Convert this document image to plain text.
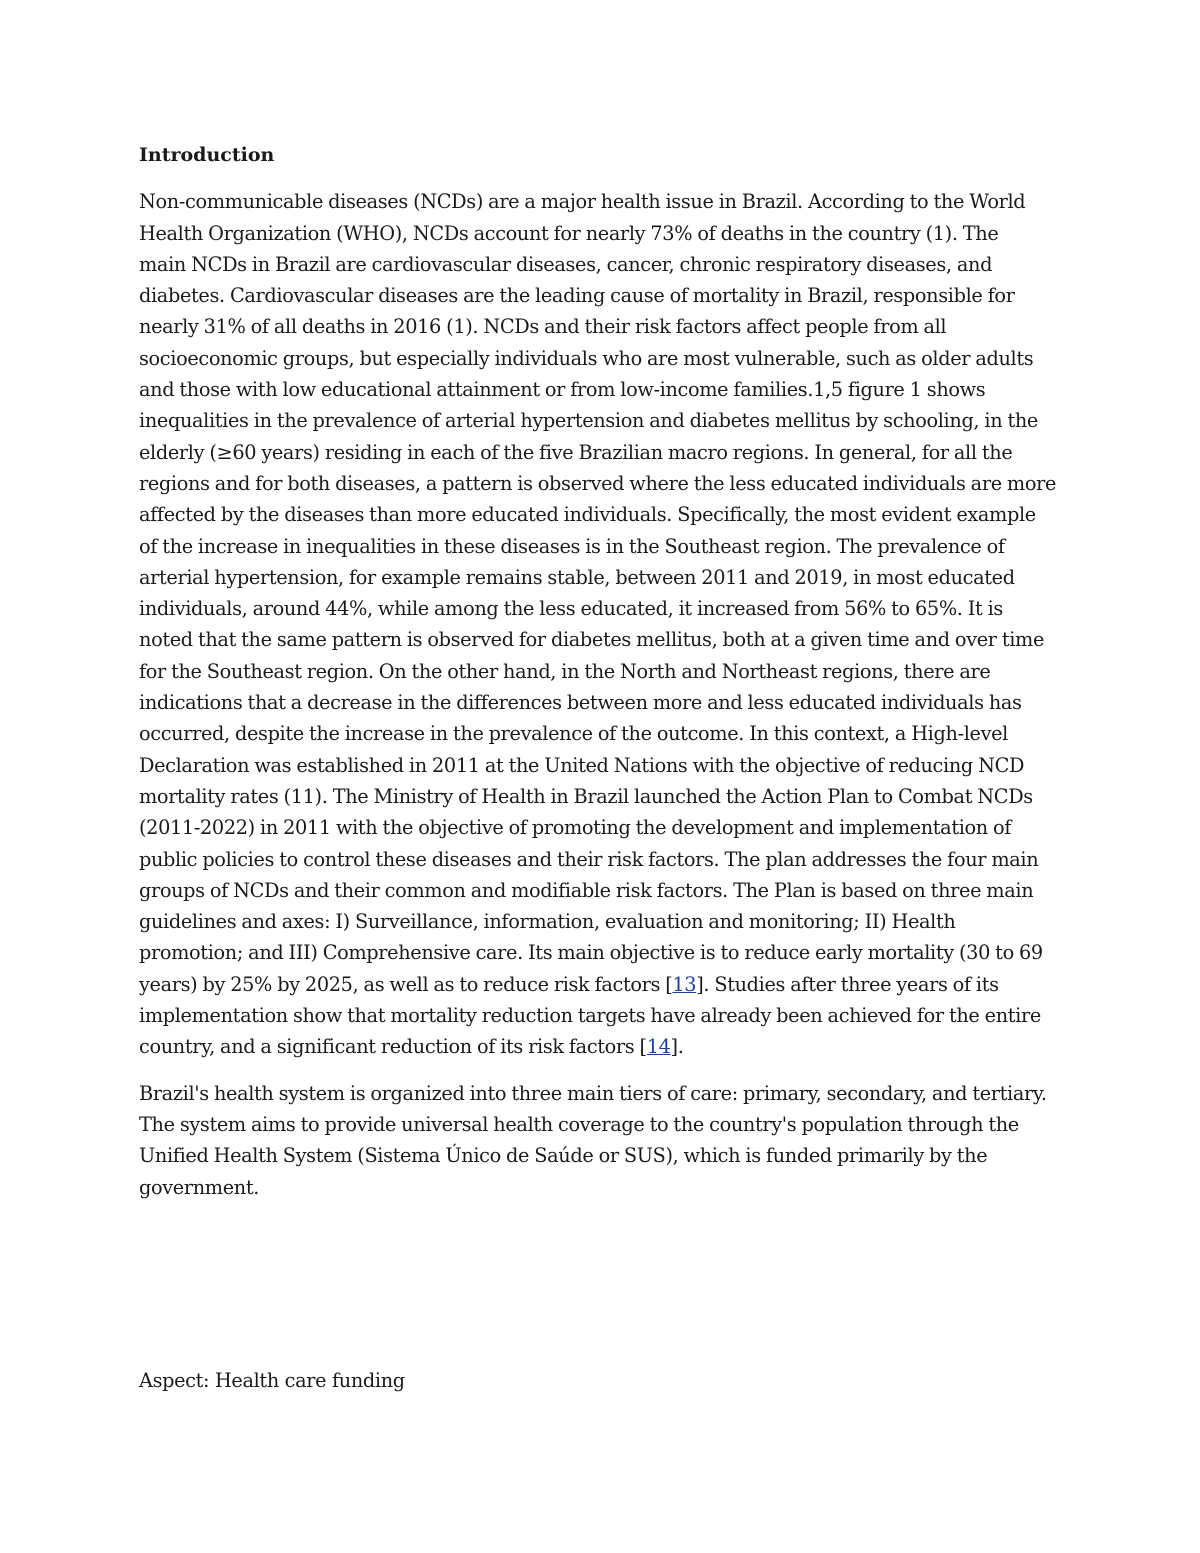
Introduction
Non-communicable diseases (NCDs) are a major health issue in Brazil. According to the World
Health Organization (WHO), NCDs account for nearly 73% of deaths in the country (1). The
main NCDs in Brazil are cardiovascular diseases, cancer, chronic respiratory diseases, and
diabetes. Cardiovascular diseases are the leading cause of mortality in Brazil, responsible for
nearly 31% of all deaths in 2016 (1). NCDs and their risk factors affect people from all
socioeconomic groups, but especially individuals who are most vulnerable, such as older adults
and those with low educational attainment or from low-income families.1,5 figure 1 shows
inequalities in the prevalence of arterial hypertension and diabetes mellitus by schooling, in the
elderly (≥60 years) residing in each of the five Brazilian macro regions. In general, for all the
regions and for both diseases, a pattern is observed where the less educated individuals are more
affected by the diseases than more educated individuals. Specifically, the most evident example
of the increase in inequalities in these diseases is in the Southeast region. The prevalence of
arterial hypertension, for example remains stable, between 2011 and 2019, in most educated
individuals, around 44%, while among the less educated, it increased from 56% to 65%. It is
noted that the same pattern is observed for diabetes mellitus, both at a given time and over time
for the Southeast region. On the other hand, in the North and Northeast regions, there are
indications that a decrease in the differences between more and less educated individuals has
occurred, despite the increase in the prevalence of the outcome. In this context, a High-level
Declaration was established in 2011 at the United Nations with the objective of reducing NCD
mortality rates (11). The Ministry of Health in Brazil launched the Action Plan to Combat NCDs
(2011-2022) in 2011 with the objective of promoting the development and implementation of
public policies to control these diseases and their risk factors. The plan addresses the four main
groups of NCDs and their common and modifiable risk factors. The Plan is based on three main
guidelines and axes: I) Surveillance, information, evaluation and monitoring; II) Health
promotion; and III) Comprehensive care. Its main objective is to reduce early mortality (30 to 69
years) by 25% by 2025, as well as to reduce risk factors [13]. Studies after three years of its
implementation show that mortality reduction targets have already been achieved for the entire
country, and a significant reduction of its risk factors [14].
Brazil's health system is organized into three main tiers of care: primary, secondary, and tertiary.
The system aims to provide universal health coverage to the country's population through the
Unified Health System (Sistema Único de Saúde or SUS), which is funded primarily by the
government.
Aspect: Health care funding
